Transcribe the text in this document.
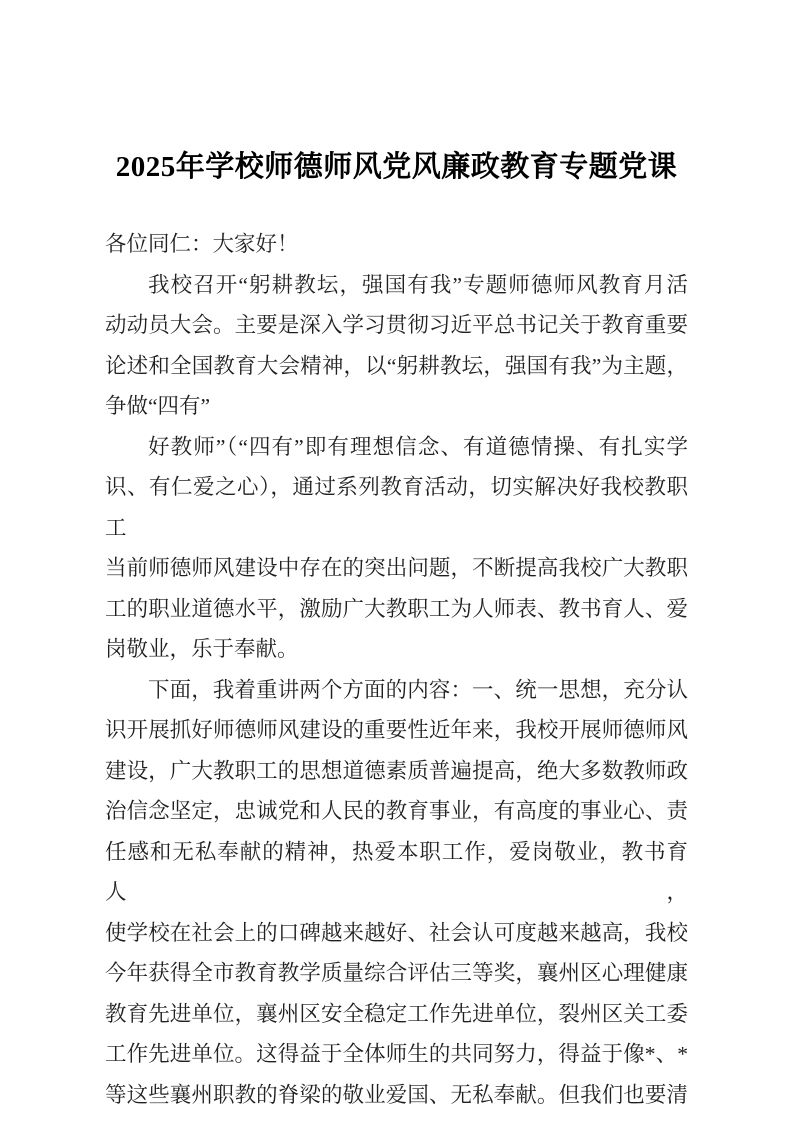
2025年学校师德师风党风廉政教育专题党课

各位同仁：大家好！

我校召开“躬耕教坛，强国有我”专题师德师风教育月活
动动员大会。主要是深入学习贯彻习近平总书记关于教育重要
论述和全国教育大会精神，以“躬耕教坛，强国有我”为主题，
争做“四有”

好教师”（“四有”即有理想信念、有道德情操、有扎实学
识、有仁爱之心），通过系列教育活动，切实解决好我校教职工
当前师德师风建设中存在的突出问题，不断提高我校广大教职
工的职业道德水平，激励广大教职工为人师表、教书育人、爱
岗敬业，乐于奉献。

下面，我着重讲两个方面的内容：一、统一思想，充分认
识开展抓好师德师风建设的重要性近年来，我校开展师德师风
建设，广大教职工的思想道德素质普遍提高，绝大多数教师政
治信念坚定，忠诚党和人民的教育事业，有高度的事业心、责
任感和无私奉献的精神，热爱本职工作，爱岗敬业，教书育人，
使学校在社会上的口碑越来越好、社会认可度越来越高，我校
今年获得全市教育教学质量综合评估三等奖，襄州区心理健康
教育先进单位，襄州区安全稳定工作先进单位，裂州区关工委
工作先进单位。这得益于全体师生的共同努力，得益于像*、*
等这些襄州职教的脊梁的敬业爱国、无私奉献。但我们也要清
